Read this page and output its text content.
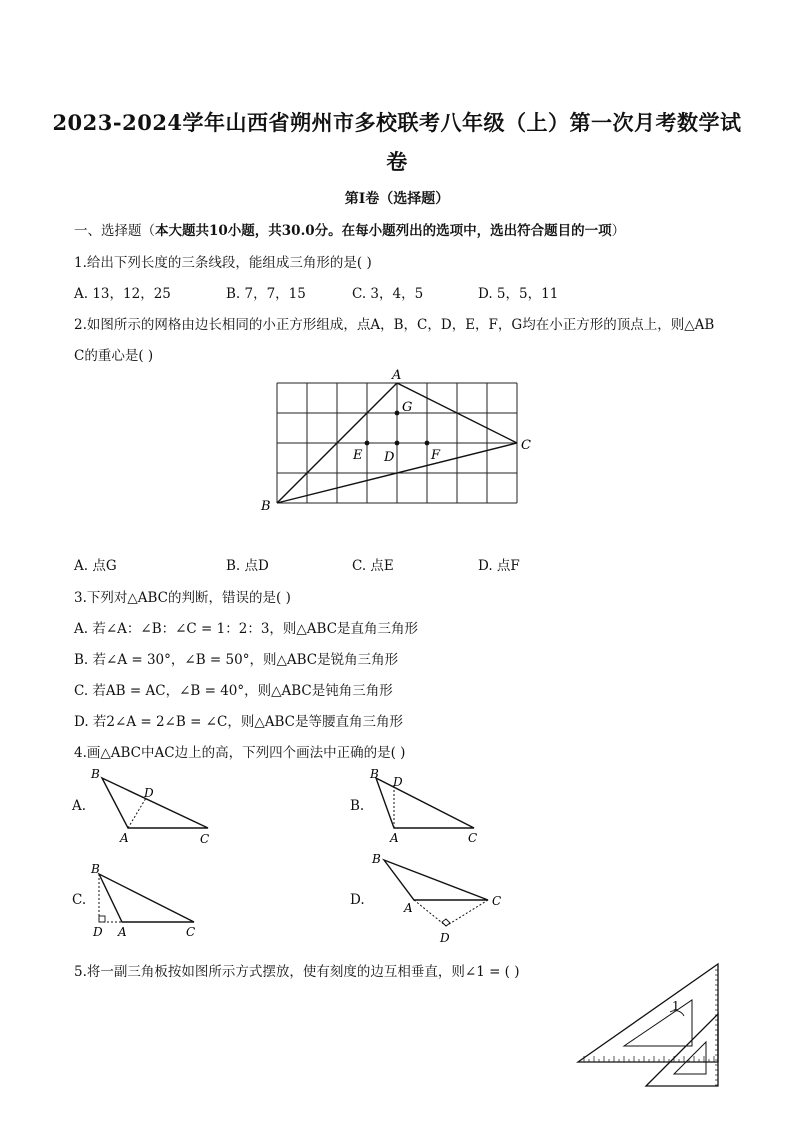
2023-2024学年山西省朔州市多校联考八年级（上）第一次月考数学试
卷
第I卷（选择题）
一、选择题（本大题共10小题，共30.0分。在每小题列出的选项中，选出符合题目的一项）
1.给出下列长度的三条线段，能组成三角形的是( )
A. 13，12，25	B. 7，7，15	C. 3，4，5	D. 5，5，11
2.如图所示的网格由边长相同的小正方形组成，点A，B，C，D，E，F，G均在小正方形的顶点上，则△AB
C的重心是( )
A
B
C
D
E	F
G
A. 点G	B. 点D	C. 点E	D. 点F
3.下列对△ABC的判断，错误的是( )
A. 若∠A：∠B：∠C = 1：2：3，则△ABC是直角三角形
B. 若∠A = 30°，∠B = 50°，则△ABC是锐角三角形
C. 若AB = AC，∠B = 40°，则△ABC是钝角三角形
D. 若2∠A = 2∠B = ∠C，则△ABC是等腰直角三角形
4.画△ABC中AC边上的高，下列四个画法中正确的是( )
A.
B
A	C
D
B.
B
D
A	C
C.
B
D A	C
D.
B
A	C
D
5.将一副三角板按如图所示方式摆放，使有刻度的边互相垂直，则∠1 = ( )
1
